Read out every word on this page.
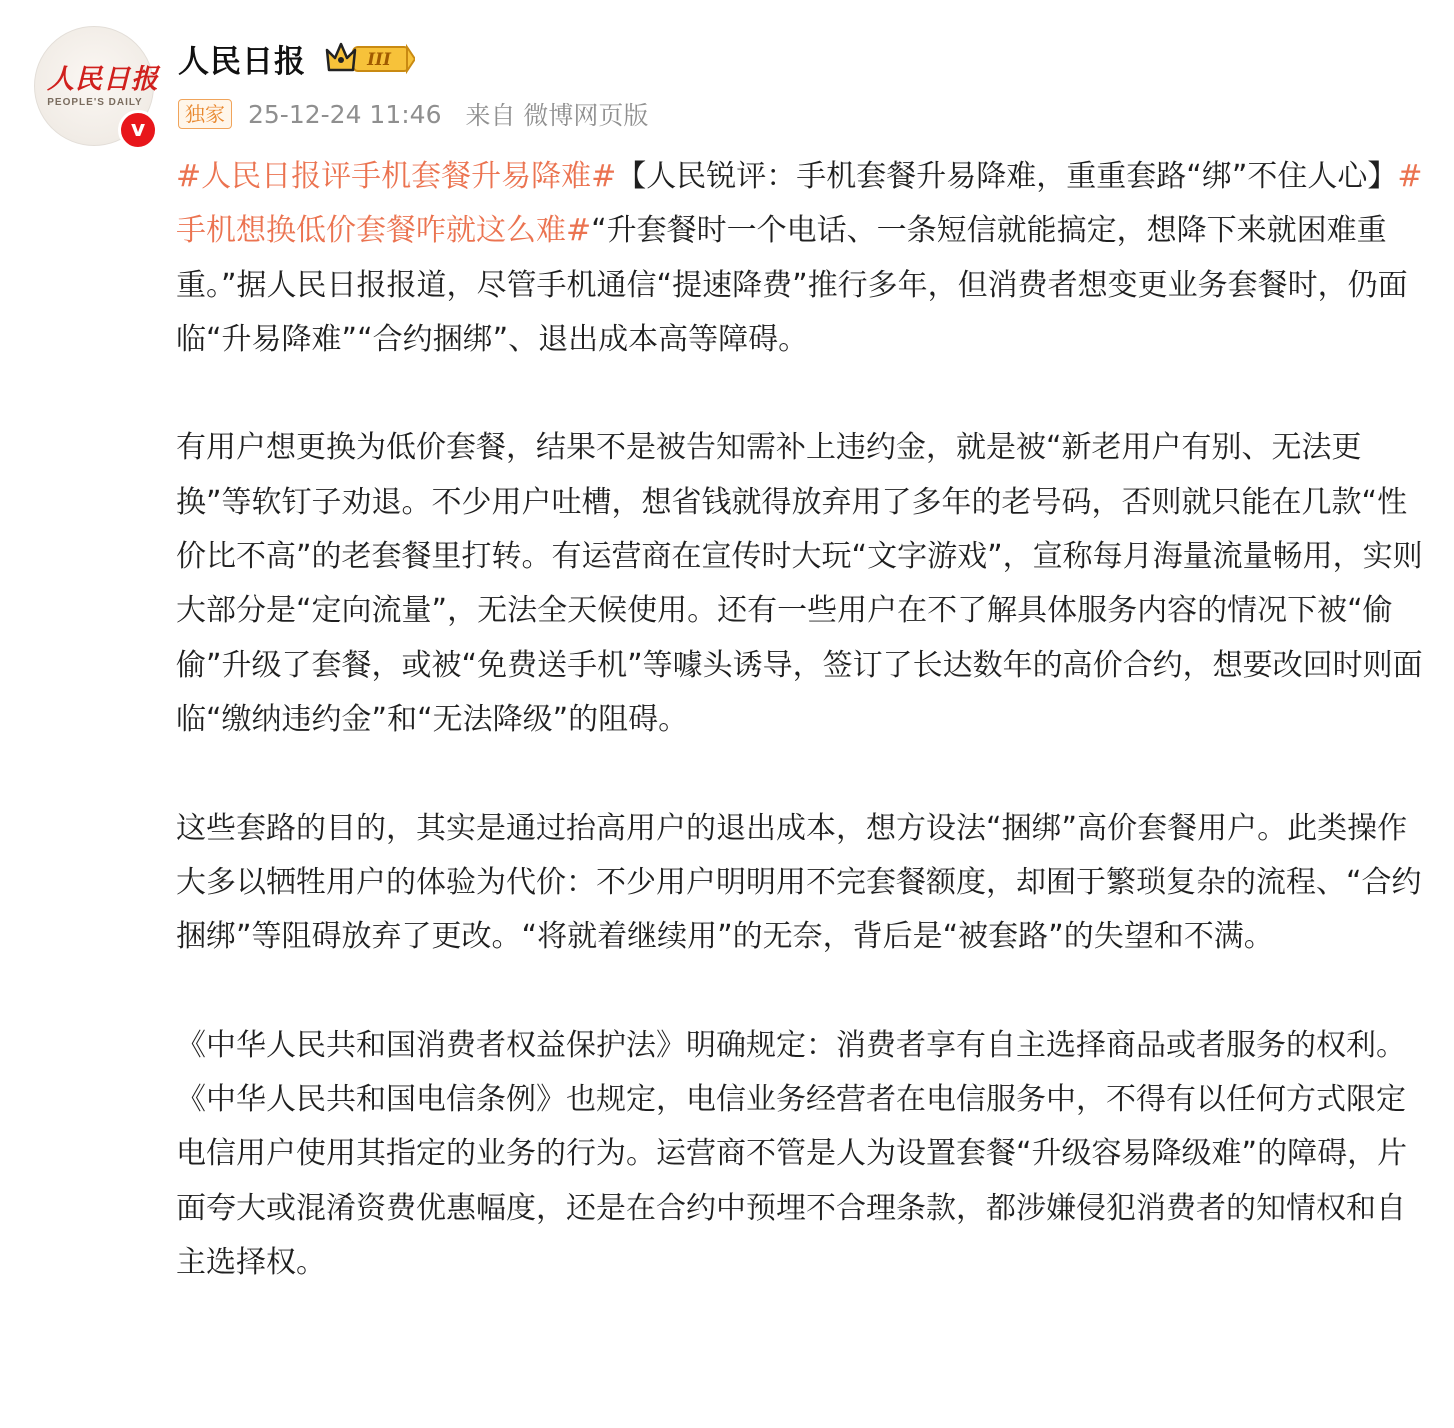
人民日报
PEOPLE'S DAILY
v
人民日报	III
独家 25-12-24 11:46 来自 微博网页版

#人民日报评手机套餐升易降难#【人民锐评：手机套餐升易降难，重重套路“绑”不住人心】#手机想换低价套餐咋就这么难#“升套餐时一个电话、一条短信就能搞定，想降下来就困难重重。”据人民日报报道，尽管手机通信“提速降费”推行多年，但消费者想变更业务套餐时，仍面临“升易降难”“合约捆绑”、退出成本高等障碍。

有用户想更换为低价套餐，结果不是被告知需补上违约金，就是被“新老用户有别、无法更换”等软钉子劝退。不少用户吐槽，想省钱就得放弃用了多年的老号码，否则就只能在几款“性价比不高”的老套餐里打转。有运营商在宣传时大玩“文字游戏”，宣称每月海量流量畅用，实则大部分是“定向流量”，无法全天候使用。还有一些用户在不了解具体服务内容的情况下被“偷偷”升级了套餐，或被“免费送手机”等噱头诱导，签订了长达数年的高价合约，想要改回时则面临“缴纳违约金”和“无法降级”的阻碍。

这些套路的目的，其实是通过抬高用户的退出成本，想方设法“捆绑”高价套餐用户。此类操作大多以牺牲用户的体验为代价：不少用户明明用不完套餐额度，却囿于繁琐复杂的流程、“合约捆绑”等阻碍放弃了更改。“将就着继续用”的无奈，背后是“被套路”的失望和不满。

《中华人民共和国消费者权益保护法》明确规定：消费者享有自主选择商品或者服务的权利。《中华人民共和国电信条例》也规定，电信业务经营者在电信服务中，不得有以任何方式限定电信用户使用其指定的业务的行为。运营商不管是人为设置套餐“升级容易降级难”的障碍，片面夸大或混淆资费优惠幅度，还是在合约中预埋不合理条款，都涉嫌侵犯消费者的知情权和自主选择权。
